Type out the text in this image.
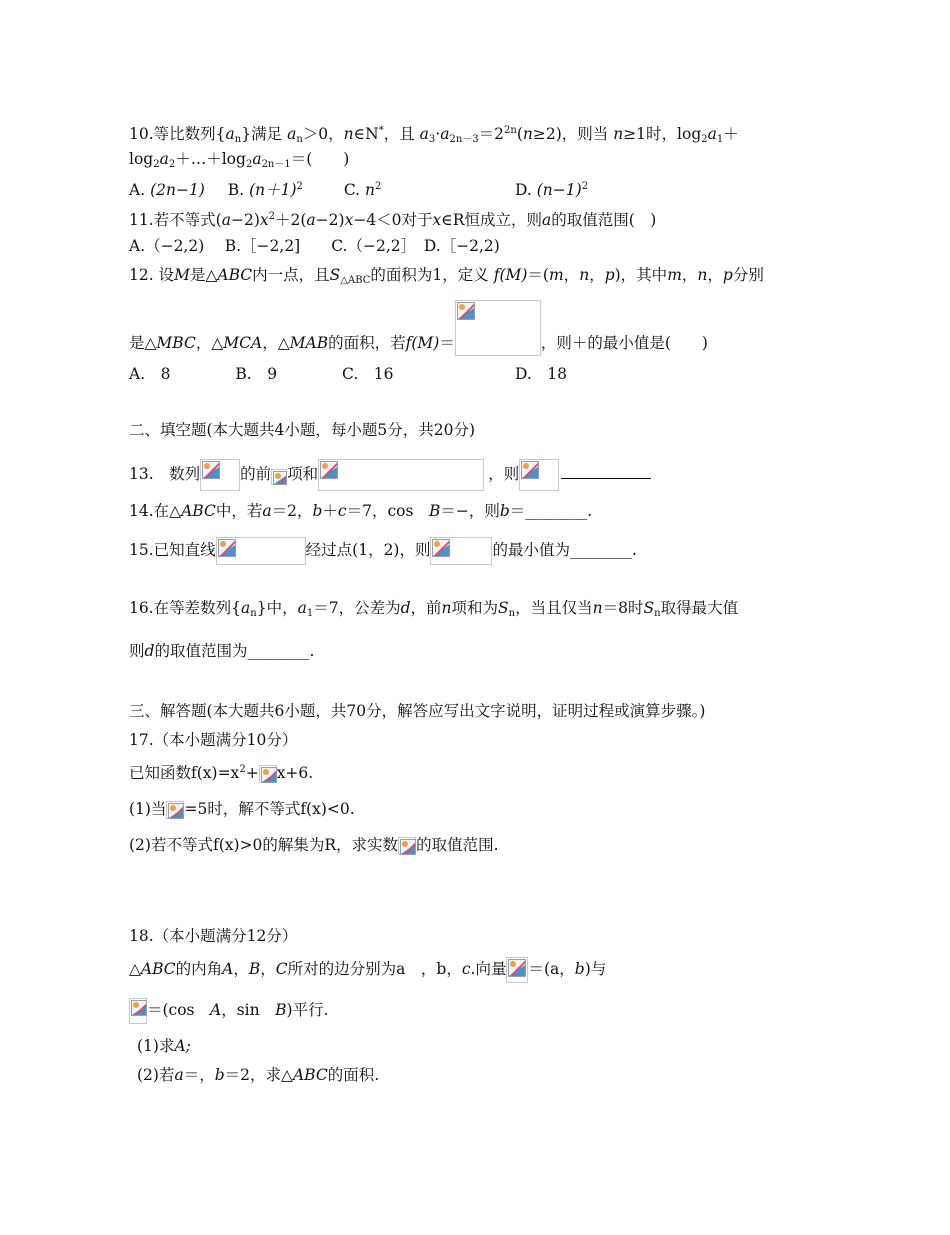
10.等比数列$\{a_n\}$满足 $a_n>0$，n∈N*，且 $a_3\cdot a_{2n-3}=2^{2n}(n\ge 2)$，则当 n≥1时，$\log_2a_1+$
$\log_2a_2+\dots+\log_2a_{2n-1}=$(　　)
A. (2n−1) B. $(n+1)^2$	C. $n^2$	D. $(n-1)^2$
11.若不等式$(a-2)x^2+2(a-2)x-4<0$对于x∈R恒成立，则a的取值范围(　)
A.（−2,2)　 B.［−2,2]　　C.（−2,2］　D.［−2,2)
12. 设M是△ABC内一点，且$S_{\triangle ABC}$的面积为1，定义 f(M)＝(m，n，p)，其中m，n，p分别
是△MBC，△MCA，△MAB的面积，若f(M)＝	，则＋的最小值是(　　)
A.　8	B.　9	C.　16	D.　18
二、填空题(本大题共4小题，每小题5分，共20分)
13.　数列	的前 项和	，则
14.在△ABC中，若a＝2，b＋c＝7，cos　B＝−，则b＝________.
15.已知直线	经过点(1，2)，则	的最小值为________.
16.在等差数列$\{a_n\}$中，$a_1=7$，公差为d，前n项和为$S_n$，当且仅当n＝8时$S_n$取得最大值
则d的取值范围为________.
三、解答题(本大题共6小题，共70分，解答应写出文字说明，证明过程或演算步骤。)
17.（本小题满分10分）
已知函数$f(x)=x^2+ x+6$.
(1)当 =5时，解不等式f(x)<0.
(2)若不等式f(x)>0的解集为R，求实数 的取值范围.
18.（本小题满分12分）
△ABC的内角A，B，C所对的边分别为a　，b，c.向量 ＝(a，b)与
＝(cos　A，sin　B)平行.
(1)求A;
(2)若a＝，b＝2，求△ABC的面积.
